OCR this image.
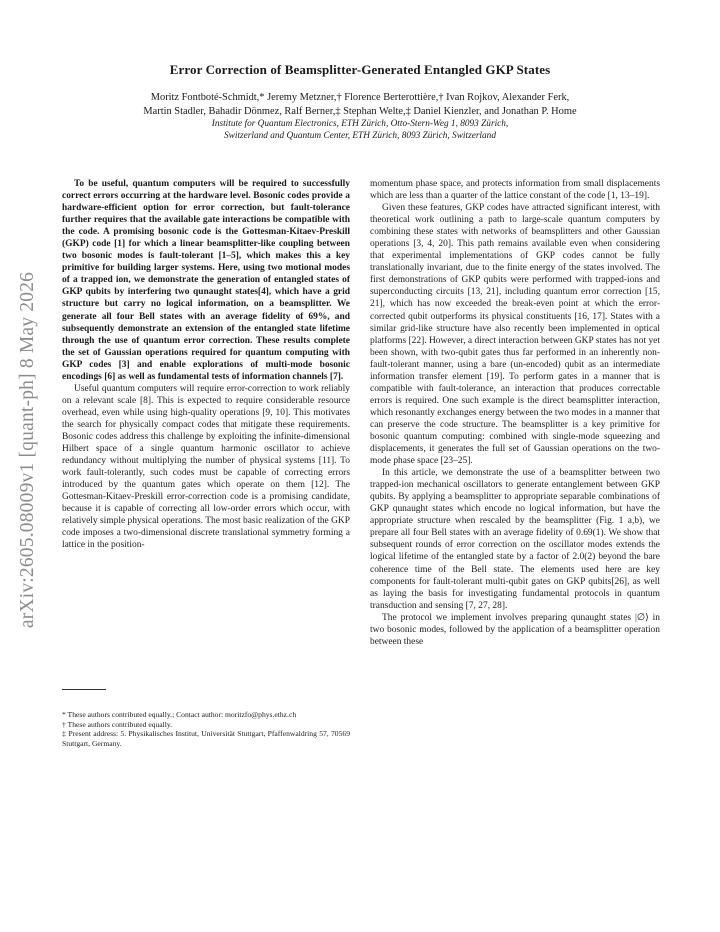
arXiv:2605.08009v1 [quant-ph] 8 May 2026
Error Correction of Beamsplitter-Generated Entangled GKP States
Moritz Fontboté-Schmidt,* Jeremy Metzner,† Florence Berterottière,† Ivan Rojkov, Alexander Ferk,
Martin Stadler, Bahadir Dönmez, Ralf Berner,‡ Stephan Welte,‡ Daniel Kienzler, and Jonathan P. Home
Institute for Quantum Electronics, ETH Zürich, Otto-Stern-Weg 1, 8093 Zürich,
Switzerland and Quantum Center, ETH Zürich, 8093 Zürich, Switzerland

To be useful, quantum computers will be required to successfully correct errors occurring at the hardware level. Bosonic codes provide a hardware-efficient option for error correction, but fault-tolerance further requires that the available gate interactions be compatible with the code. A promising bosonic code is the Gottesman-Kitaev-Preskill (GKP) code [1] for which a linear beamsplitter-like coupling between two bosonic modes is fault-tolerant [1–5], which makes this a key primitive for building larger systems. Here, using two motional modes of a trapped ion, we demonstrate the generation of entangled states of GKP qubits by interfering two qunaught states[4], which have a grid structure but carry no logical information, on a beamsplitter. We generate all four Bell states with an average fidelity of 69%, and subsequently demonstrate an extension of the entangled state lifetime through the use of quantum error correction. These results complete the set of Gaussian operations required for quantum computing with GKP codes [3] and enable explorations of multi-mode bosonic encodings [6] as well as fundamental tests of information channels [7].

Useful quantum computers will require error-correction to work reliably on a relevant scale [8]. This is expected to require considerable resource overhead, even while using high-quality operations [9, 10]. This motivates the search for physically compact codes that mitigate these requirements. Bosonic codes address this challenge by exploiting the infinite-dimensional Hilbert space of a single quantum harmonic oscillator to achieve redundancy without multiplying the number of physical systems [11]. To work fault-tolerantly, such codes must be capable of correcting errors introduced by the quantum gates which operate on them [12]. The Gottesman-Kitaev-Preskill error-correction code is a promising candidate, because it is capable of correcting all low-order errors which occur, with relatively simple physical operations. The most basic realization of the GKP code imposes a two-dimensional discrete translational symmetry forming a lattice in the position-

* These authors contributed equally.; Contact author: moritzfo@phys.ethz.ch

† These authors contributed equally.

‡ Present address: 5. Physikalisches Institut, Universität Stuttgart, Pfaffenwaldring 57, 70569 Stuttgart, Germany.

momentum phase space, and protects information from small displacements which are less than a quarter of the lattice constant of the code [1, 13–19].

Given these features, GKP codes have attracted significant interest, with theoretical work outlining a path to large-scale quantum computers by combining these states with networks of beamsplitters and other Gaussian operations [3, 4, 20]. This path remains available even when considering that experimental implementations of GKP codes cannot be fully translationally invariant, due to the finite energy of the states involved. The first demonstrations of GKP qubits were performed with trapped-ions and superconducting circuits [13, 21], including quantum error correction [15, 21], which has now exceeded the break-even point at which the error-corrected qubit outperforms its physical constituents [16, 17]. States with a similar grid-like structure have also recently been implemented in optical platforms [22]. However, a direct interaction between GKP states has not yet been shown, with two-qubit gates thus far performed in an inherently non-fault-tolerant manner, using a bare (un-encoded) qubit as an intermediate information transfer element [19]. To perform gates in a manner that is compatible with fault-tolerance, an interaction that produces correctable errors is required. One such example is the direct beamsplitter interaction, which resonantly exchanges energy between the two modes in a manner that can preserve the code structure. The beamsplitter is a key primitive for bosonic quantum computing: combined with single-mode squeezing and displacements, it generates the full set of Gaussian operations on the two-mode phase space [23–25].

In this article, we demonstrate the use of a beamsplitter between two trapped-ion mechanical oscillators to generate entanglement between GKP qubits. By applying a beamsplitter to appropriate separable combinations of GKP qunaught states which encode no logical information, but have the appropriate structure when rescaled by the beamsplitter (Fig. 1 a,b), we prepare all four Bell states with an average fidelity of 0.69(1). We show that subsequent rounds of error correction on the oscillator modes extends the logical lifetime of the entangled state by a factor of 2.0(2) beyond the bare coherence time of the Bell state. The elements used here are key components for fault-tolerant multi-qubit gates on GKP qubits[26], as well as laying the basis for investigating fundamental protocols in quantum transduction and sensing [7, 27, 28].

The protocol we implement involves preparing qunaught states |∅⟩ in two bosonic modes, followed by the application of a beamsplitter operation between these
